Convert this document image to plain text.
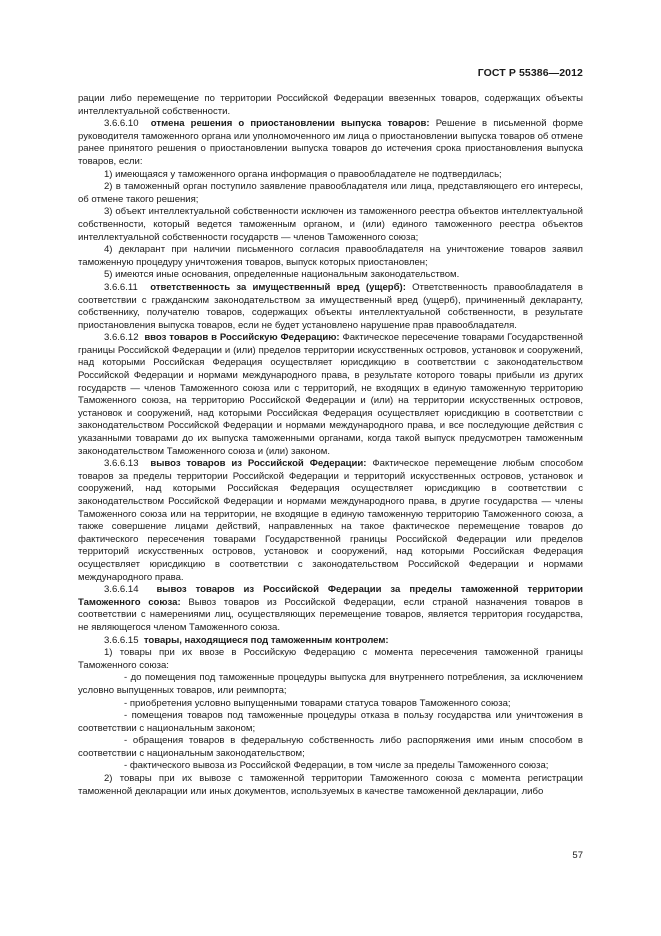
ГОСТ Р 55386—2012

рации либо перемещение по территории Российской Федерации ввезенных товаров, содержащих объекты интеллектуальной собственности.

3.6.6.10 отмена решения о приостановлении выпуска товаров: Решение в письменной форме руководителя таможенного органа или уполномоченного им лица о приостановлении выпуска товаров об отмене ранее принятого решения о приостановлении выпуска товаров до истечения срока приостановления выпуска товаров, если:

1) имеющаяся у таможенного органа информация о правообладателе не подтвердилась;

2) в таможенный орган поступило заявление правообладателя или лица, представляющего его интересы, об отмене такого решения;

3) объект интеллектуальной собственности исключен из таможенного реестра объектов интеллектуальной собственности, который ведется таможенным органом, и (или) единого таможенного реестра объектов интеллектуальной собственности государств — членов Таможенного союза;

4) декларант при наличии письменного согласия правообладателя на уничтожение товаров заявил таможенную процедуру уничтожения товаров, выпуск которых приостановлен;

5) имеются иные основания, определенные национальным законодательством.

3.6.6.11 ответственность за имущественный вред (ущерб): Ответственность правообладателя в соответствии с гражданским законодательством за имущественный вред (ущерб), причиненный декларанту, собственнику, получателю товаров, содержащих объекты интеллектуальной собственности, в результате приостановления выпуска товаров, если не будет установлено нарушение прав правообладателя.

3.6.6.12 ввоз товаров в Российскую Федерацию: Фактическое пересечение товарами Государственной границы Российской Федерации и (или) пределов территории искусственных островов, установок и сооружений, над которыми Российская Федерация осуществляет юрисдикцию в соответствии с законодательством Российской Федерации и нормами международного права, в результате которого товары прибыли из других государств — членов Таможенного союза или с территорий, не входящих в единую таможенную территорию Таможенного союза, на территорию Российской Федерации и (или) на территории искусственных островов, установок и сооружений, над которыми Российская Федерация осуществляет юрисдикцию в соответствии с законодательством Российской Федерации и нормами международного права, и все последующие действия с указанными товарами до их выпуска таможенными органами, когда такой выпуск предусмотрен таможенным законодательством Таможенного союза и (или) законом.

3.6.6.13 вывоз товаров из Российской Федерации: Фактическое перемещение любым способом товаров за пределы территории Российской Федерации и территорий искусственных островов, установок и сооружений, над которыми Российская Федерация осуществляет юрисдикцию в соответствии с законодательством Российской Федерации и нормами международного права, в другие государства — члены Таможенного союза или на территории, не входящие в единую таможенную территорию Таможенного союза, а также совершение лицами действий, направленных на такое фактическое перемещение товаров до фактического пересечения товарами Государственной границы Российской Федерации или пределов территорий искусственных островов, установок и сооружений, над которыми Российская Федерация осуществляет юрисдикцию в соответствии с законодательством Российской Федерации и нормами международного права.

3.6.6.14 вывоз товаров из Российской Федерации за пределы таможенной территории Таможенного союза: Вывоз товаров из Российской Федерации, если страной назначения товаров в соответствии с намерениями лиц, осуществляющих перемещение товаров, является территория государства, не являющегося членом Таможенного союза.

3.6.6.15 товары, находящиеся под таможенным контролем:

1) товары при их ввозе в Российскую Федерацию с момента пересечения таможенной границы Таможенного союза:

- до помещения под таможенные процедуры выпуска для внутреннего потребления, за исключением условно выпущенных товаров, или реимпорта;

- приобретения условно выпущенными товарами статуса товаров Таможенного союза;

- помещения товаров под таможенные процедуры отказа в пользу государства или уничтожения в соответствии с национальным законом;

- обращения товаров в федеральную собственность либо распоряжения ими иным способом в соответствии с национальным законодательством;

- фактического вывоза из Российской Федерации, в том числе за пределы Таможенного союза;

2) товары при их вывозе с таможенной территории Таможенного союза с момента регистрации таможенной декларации или иных документов, используемых в качестве таможенной декларации, либо

57
